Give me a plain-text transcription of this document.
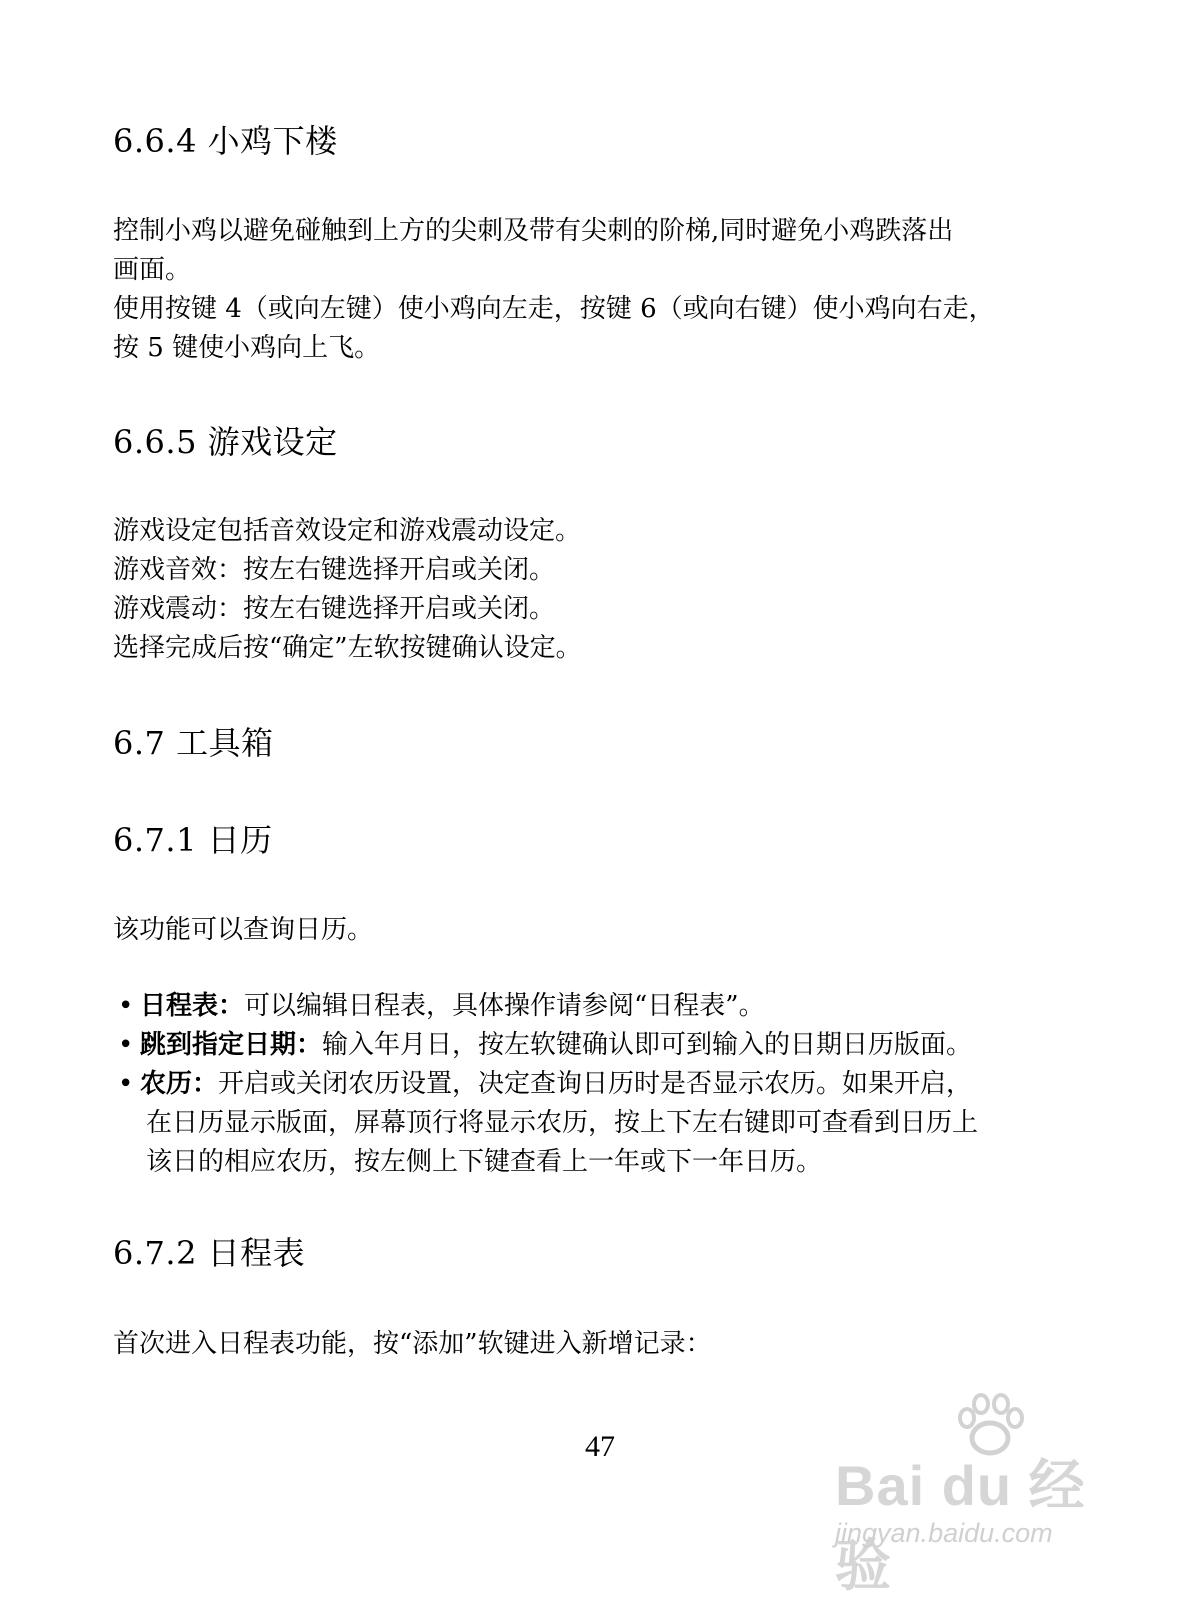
6.6.4 小鸡下楼
控制小鸡以避免碰触到上方的尖刺及带有尖刺的阶梯,同时避免小鸡跌落出
画面。
使用按键 4（或向左键）使小鸡向左走，按键 6（或向右键）使小鸡向右走，
按 5 键使小鸡向上飞。
6.6.5 游戏设定
游戏设定包括音效设定和游戏震动设定。
游戏音效：按左右键选择开启或关闭。
游戏震动：按左右键选择开启或关闭。
选择完成后按“确定”左软按键确认设定。
6.7 工具箱
6.7.1 日历
该功能可以查询日历。
• 日程表：可以编辑日程表，具体操作请参阅“日程表”。
• 跳到指定日期：输入年月日，按左软键确认即可到输入的日期日历版面。
• 农历：开启或关闭农历设置，决定查询日历时是否显示农历。如果开启，
在日历显示版面，屏幕顶行将显示农历，按上下左右键即可查看到日历上
该日的相应农历，按左侧上下键查看上一年或下一年日历。
6.7.2 日程表
首次进入日程表功能，按“添加”软键进入新增记录：
47
Bai du 经验
jingyan.baidu.com
